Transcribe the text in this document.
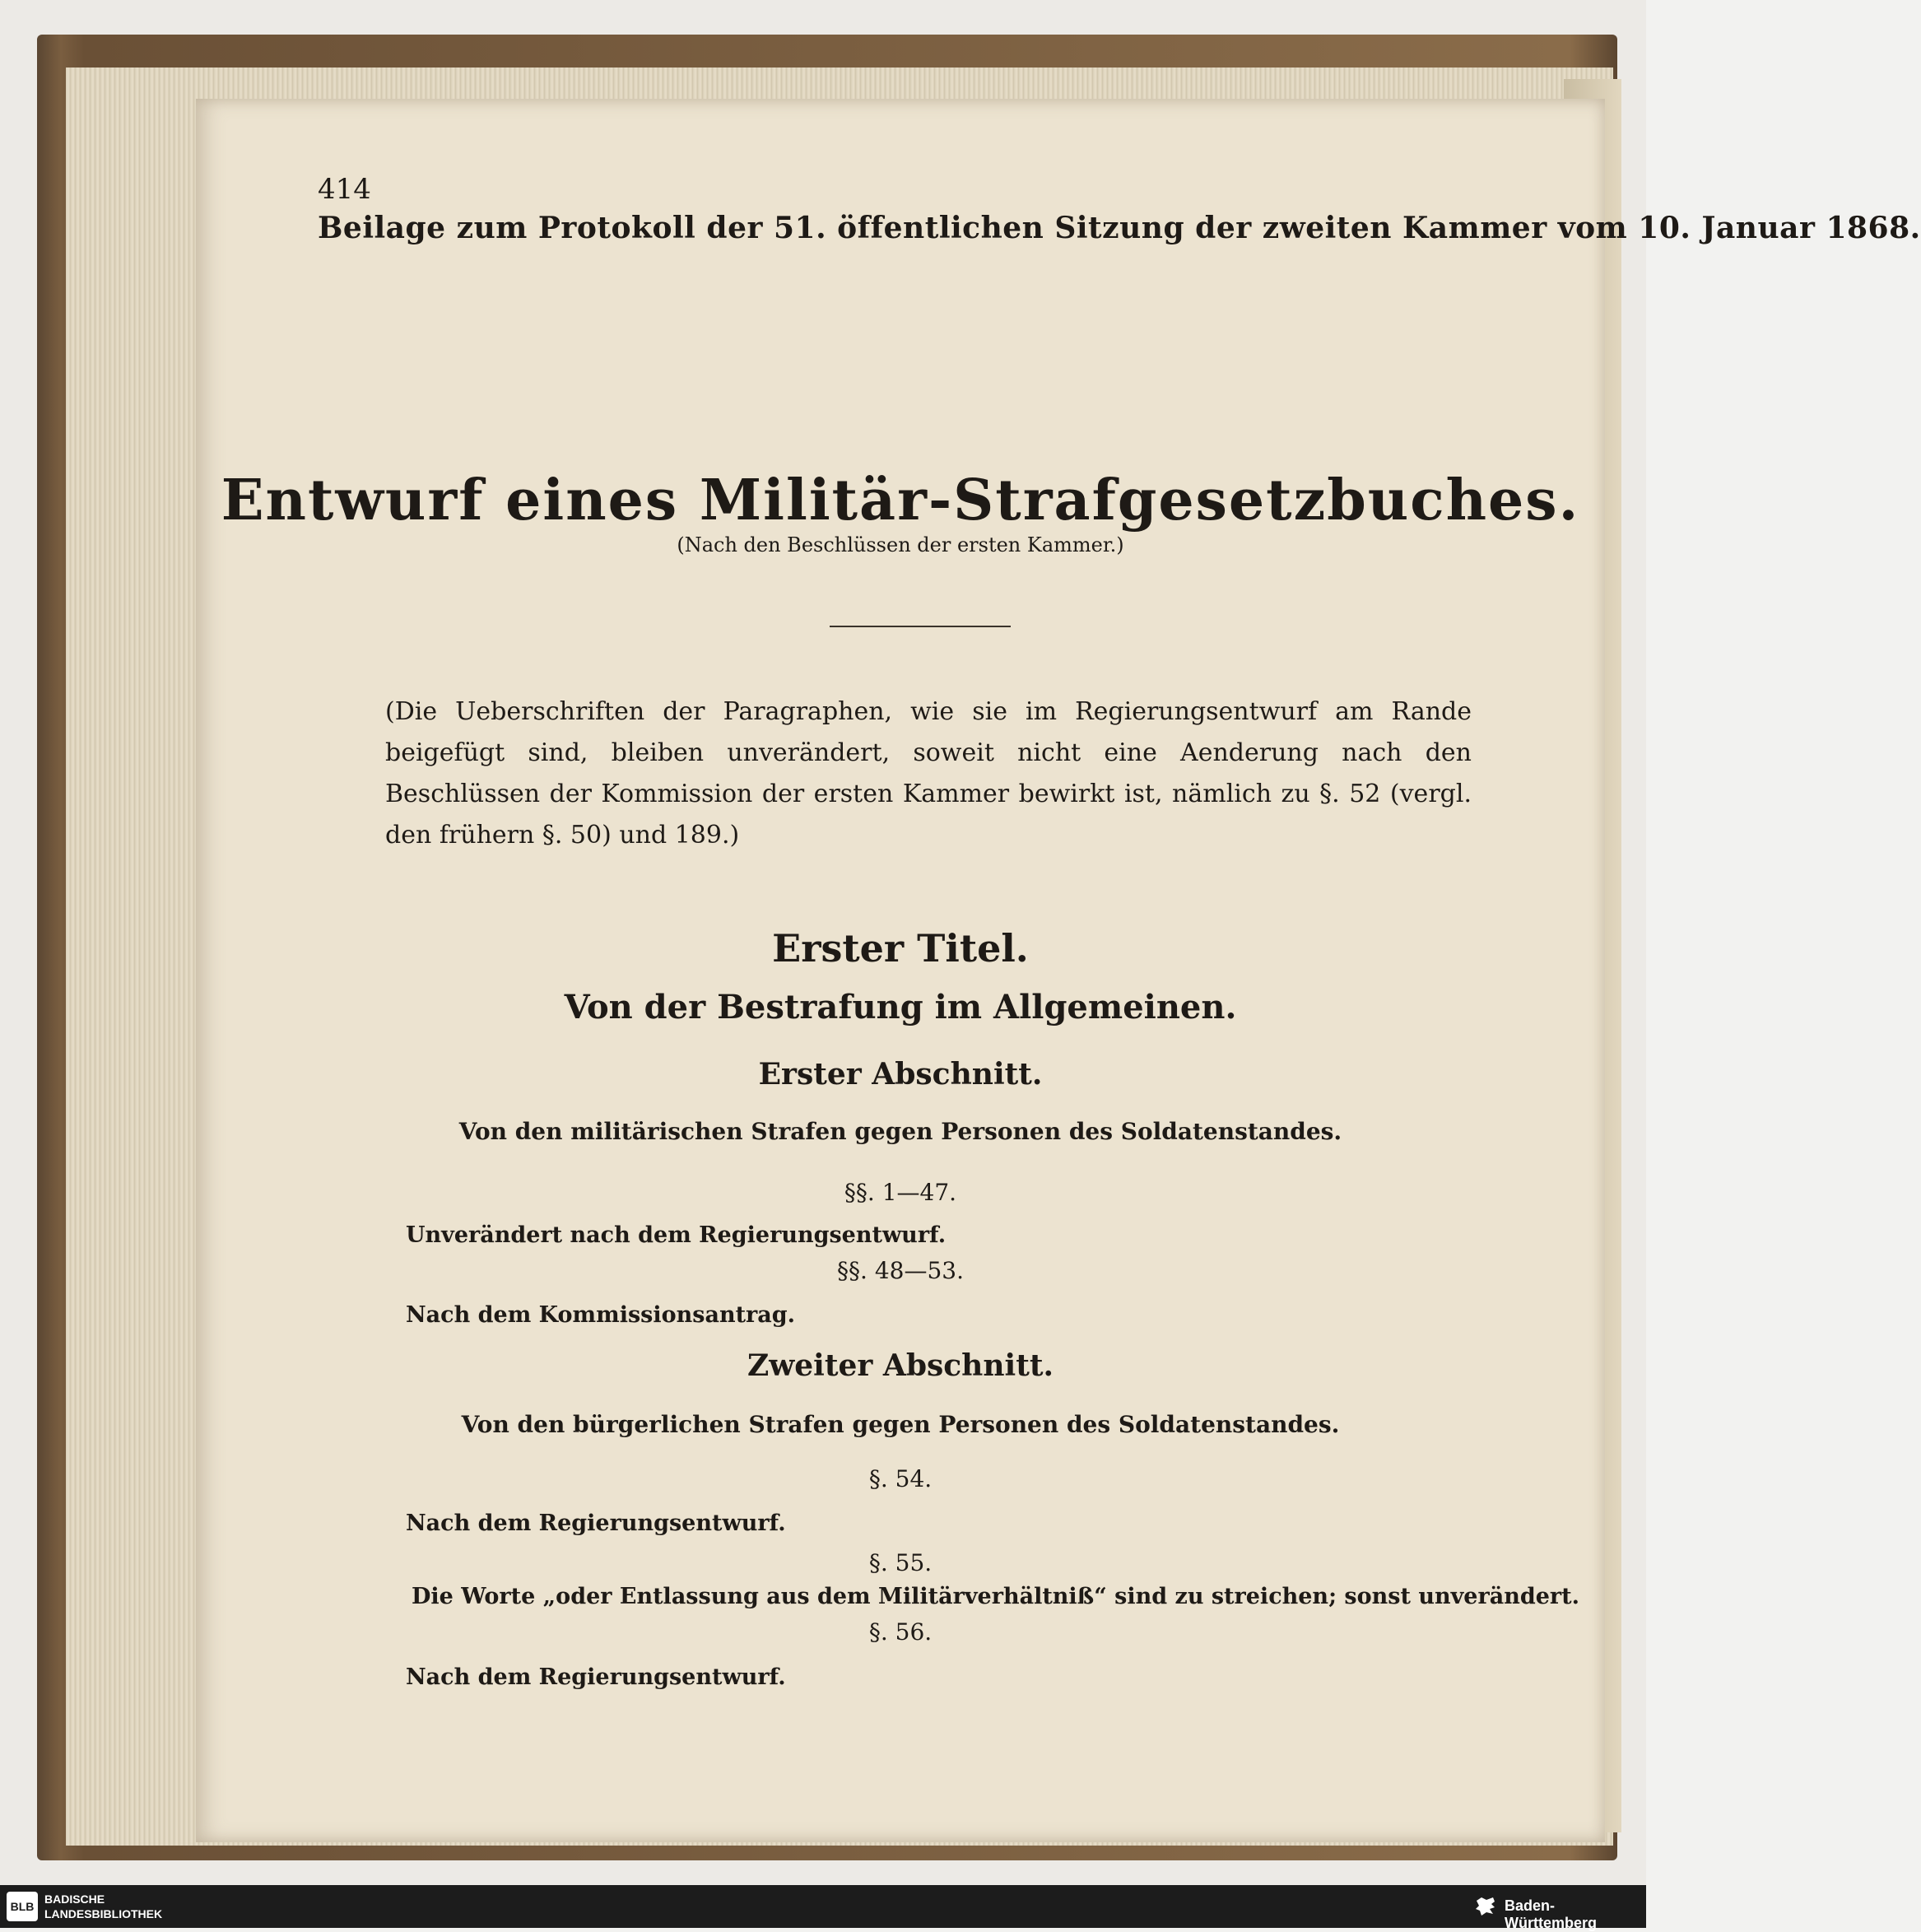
414
Beilage zum Protokoll der 51. öffentlichen Sitzung der zweiten Kammer vom 10. Januar 1868.
Entwurf eines Militär-Strafgesetzbuches.
(Nach den Beschlüssen der ersten Kammer.)
(Die Ueberschriften der Paragraphen, wie sie im Regierungsentwurf am Rande beigefügt sind, bleiben unverändert, soweit nicht eine Aenderung nach den Beschlüssen der Kommission der ersten Kammer bewirkt ist, nämlich zu §. 52 (vergl. den frühern §. 50) und 189.)
Erster Titel.
Von der Bestrafung im Allgemeinen.
Erster Abschnitt.
Von den militärischen Strafen gegen Personen des Soldatenstandes.
§§. 1—47.
Unverändert nach dem Regierungsentwurf.
§§. 48—53.
Nach dem Kommissionsantrag.
Zweiter Abschnitt.
Von den bürgerlichen Strafen gegen Personen des Soldatenstandes.
§. 54.
Nach dem Regierungsentwurf.
§. 55.
Die Worte „oder Entlassung aus dem Militärverhältniß“ sind zu streichen; sonst unverändert.
§. 56.
Nach dem Regierungsentwurf.
BLB
BADISCHE
LANDESBIBLIOTHEK	Baden-Württemberg
